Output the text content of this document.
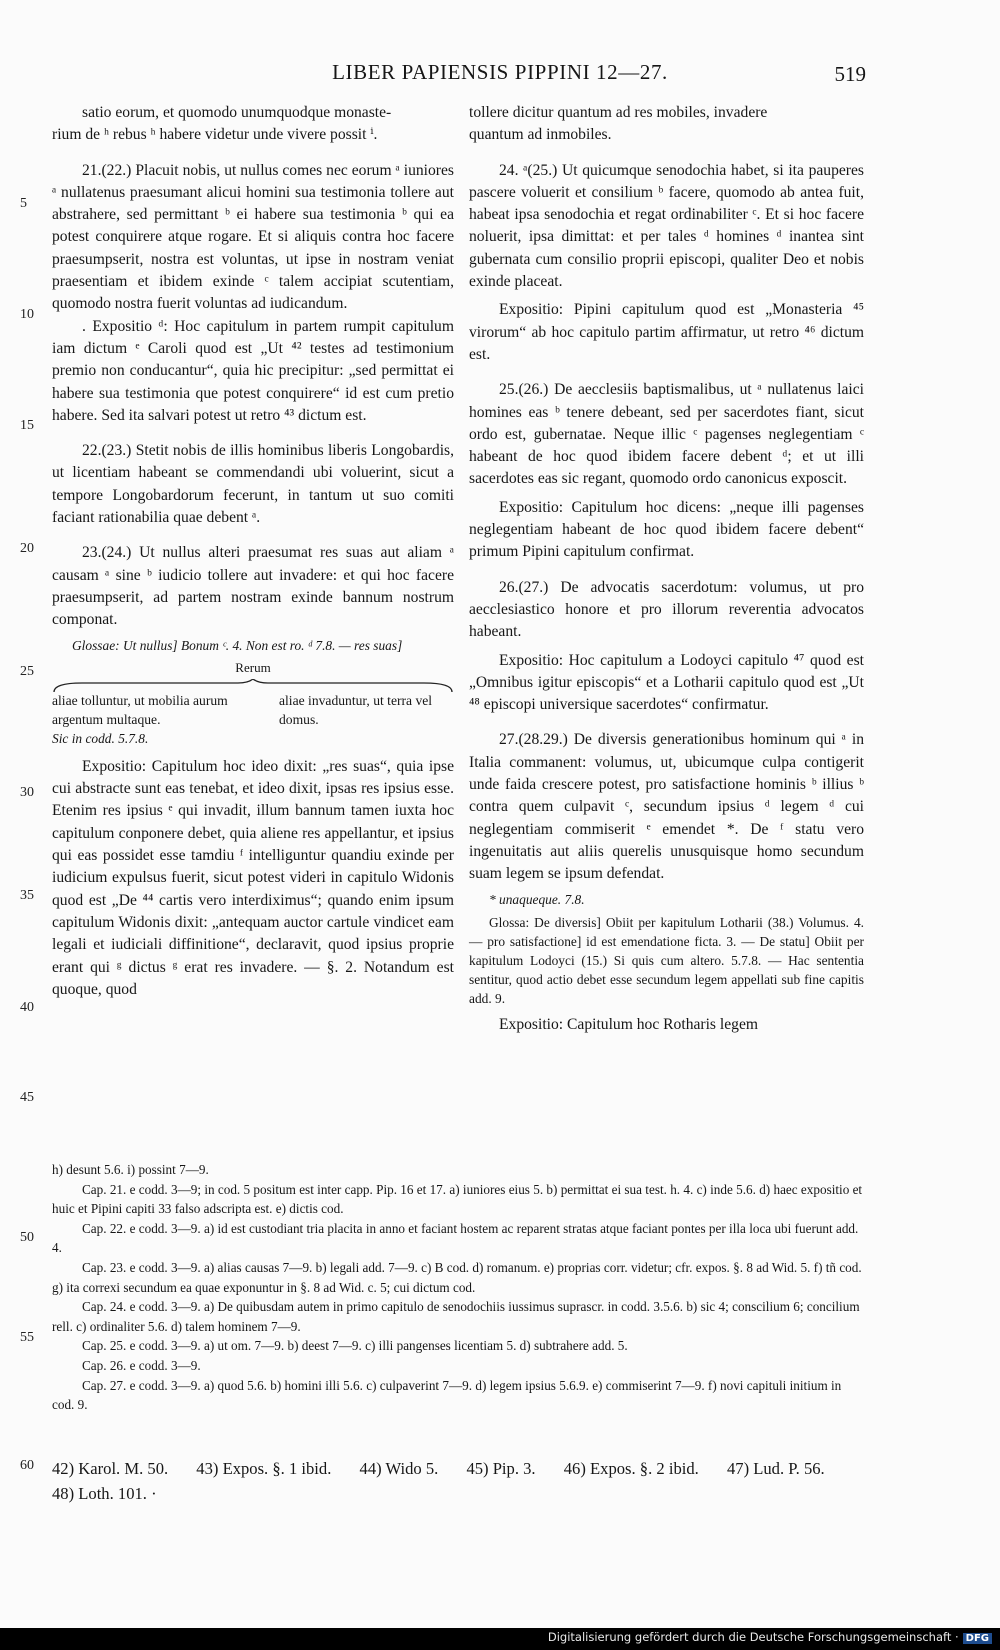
LIBER PAPIENSIS PIPPINI 12—27.	519

satio eorum, et quomodo unumquodque monaste-

rium de ʰ rebus ʰ habere videtur unde vivere possit ⁱ.

21.(22.) Placuit nobis, ut nullus comes nec eorum ᵃ iuniores ᵃ nullatenus praesumant alicui homini sua testimonia tollere aut abstrahere, sed permittant ᵇ ei habere sua testimonia ᵇ qui ea potest conquirere atque rogare. Et si aliquis contra hoc facere praesumpserit, nostra est voluntas, ut ipse in nostram veniat praesentiam et ibidem exinde ᶜ talem accipiat scutentiam, quomodo nostra fuerit voluntas ad iudicandum.

. Expositio ᵈ: Hoc capitulum in partem rumpit capitulum iam dictum ᵉ Caroli quod est „Ut ⁴² testes ad testimonium premio non conducantur“, quia hic precipitur: „sed permittat ei habere sua testimonia que potest conquirere“ id est cum pretio habere. Sed ita salvari potest ut retro ⁴³ dictum est.

22.(23.) Stetit nobis de illis hominibus liberis Longobardis, ut licentiam habeant se commendandi ubi voluerint, sicut a tempore Longobardorum fecerunt, in tantum ut suo comiti faciant rationabilia quae debent ᵃ.

23.(24.) Ut nullus alteri praesumat res suas aut aliam ᵃ causam ᵃ sine ᵇ iudicio tollere aut invadere: et qui hoc facere praesumpserit, ad partem nostram exinde bannum nostrum componat.

Glossae: Ut nullus] Bonum ᶜ. 4. Non est ro. ᵈ 7.8. — res suas]

Rerum
aliae tolluntur, ut mobilia aurum argentum multaque.
aliae invaduntur, ut terra vel domus.

Sic in codd. 5.7.8.

Expositio: Capitulum hoc ideo dixit: „res suas“, quia ipse cui abstracte sunt eas tenebat, et ideo dixit, ipsas res ipsius esse. Etenim res ipsius ᵉ qui invadit, illum bannum tamen iuxta hoc capitulum conponere debet, quia aliene res appellantur, et ipsius qui eas possidet esse tamdiu ᶠ intelliguntur quandiu exinde per iudicium expulsus fuerit, sicut potest videri in capitulo Widonis quod est „De ⁴⁴ cartis vero interdiximus“; quando enim ipsum capitulum Widonis dixit: „antequam auctor cartule vindicet eam legali et iudiciali diffinitione“, declaravit, quod ipsius proprie erant qui ᵍ dictus ᵍ erat res invadere. — §. 2. Notandum est quoque, quod

tollere dicitur quantum ad res mobiles, invadere

quantum ad inmobiles.

24. ᵃ(25.) Ut quicumque senodochia habet, si ita pauperes pascere voluerit et consilium ᵇ facere, quomodo ab antea fuit, habeat ipsa senodochia et regat ordinabiliter ᶜ. Et si hoc facere noluerit, ipsa dimittat: et per tales ᵈ homines ᵈ inantea sint gubernata cum consilio proprii episcopi, qualiter Deo et nobis exinde placeat.

Expositio: Pipini capitulum quod est „Monasteria ⁴⁵ virorum“ ab hoc capitulo partim affirmatur, ut retro ⁴⁶ dictum est.

25.(26.) De aecclesiis baptismalibus, ut ᵃ nullatenus laici homines eas ᵇ tenere debeant, sed per sacerdotes fiant, sicut ordo est, gubernatae. Neque illic ᶜ pagenses neglegentiam ᶜ habeant de hoc quod ibidem facere debent ᵈ; et ut illi sacerdotes eas sic regant, quomodo ordo canonicus exposcit.

Expositio: Capitulum hoc dicens: „neque illi pagenses neglegentiam habeant de hoc quod ibidem facere debent“ primum Pipini capitulum confirmat.

26.(27.) De advocatis sacerdotum: volumus, ut pro aecclesiastico honore et pro illorum reverentia advocatos habeant.

Expositio: Hoc capitulum a Lodoyci capitulo ⁴⁷ quod est „Omnibus igitur episcopis“ et a Lotharii capitulo quod est „Ut ⁴⁸ episcopi universique sacerdotes“ confirmatur.

27.(28.29.) De diversis generationibus hominum qui ᵃ in Italia commanent: volumus, ut, ubicumque culpa contigerit unde faida crescere potest, pro satisfactione hominis ᵇ illius ᵇ contra quem culpavit ᶜ, secundum ipsius ᵈ legem ᵈ cui neglegentiam commiserit ᵉ emendet *. De ᶠ statu vero ingenuitatis aut aliis querelis unusquisque homo secundum suam legem se ipsum defendat.

* unaqueque. 7.8.

Glossa: De diversis] Obiit per kapitulum Lotharii (38.) Volumus. 4. — pro satisfactione] id est emendatione ficta. 3. — De statu] Obiit per kapitulum Lodoyci (15.) Si quis cum altero. 5.7.8. — Hac sententia sentitur, quod actio debet esse secundum legem appellati sub fine capitis add. 9.

Expositio: Capitulum hoc Rotharis legem

5
10
15
20
25
30
35
40
45
50
55
60

h) desunt 5.6. i) possint 7—9.

Cap. 21. e codd. 3—9; in cod. 5 positum est inter capp. Pip. 16 et 17. a) iuniores eius 5. b) permittat ei sua test. h. 4. c) inde 5.6. d) haec expositio et huic et Pipini capiti 33 falso adscripta est. e) dictis cod.

Cap. 22. e codd. 3—9. a) id est custodiant tria placita in anno et faciant hostem ac reparent stratas atque faciant pontes per illa loca ubi fuerunt add. 4.

Cap. 23. e codd. 3—9. a) alias causas 7—9. b) legali add. 7—9. c) B cod. d) romanum. e) proprias corr. videtur; cfr. expos. §. 8 ad Wid. 5. f) tñ cod. g) ita correxi secundum ea quae exponuntur in §. 8 ad Wid. c. 5; cui dictum cod.

Cap. 24. e codd. 3—9. a) De quibusdam autem in primo capitulo de senodochiis iussimus suprascr. in codd. 3.5.6. b) sic 4; conscilium 6; concilium rell. c) ordinaliter 5.6. d) talem hominem 7—9.

Cap. 25. e codd. 3—9. a) ut om. 7—9. b) deest 7—9. c) illi pangenses licentiam 5. d) subtrahere add. 5.

Cap. 26. e codd. 3—9.

Cap. 27. e codd. 3—9. a) quod 5.6. b) homini illi 5.6. c) culpaverint 7—9. d) legem ipsius 5.6.9. e) commiserint 7—9. f) novi capituli initium in cod. 9.

42) Karol. M. 50. 43) Expos. §. 1 ibid. 44) Wido 5. 45) Pip. 3. 46) Expos. §. 2 ibid. 47) Lud. P. 56.
48) Loth. 101. ·
Digitalisierung gefördert durch die Deutsche Forschungsgemeinschaft · DFG
